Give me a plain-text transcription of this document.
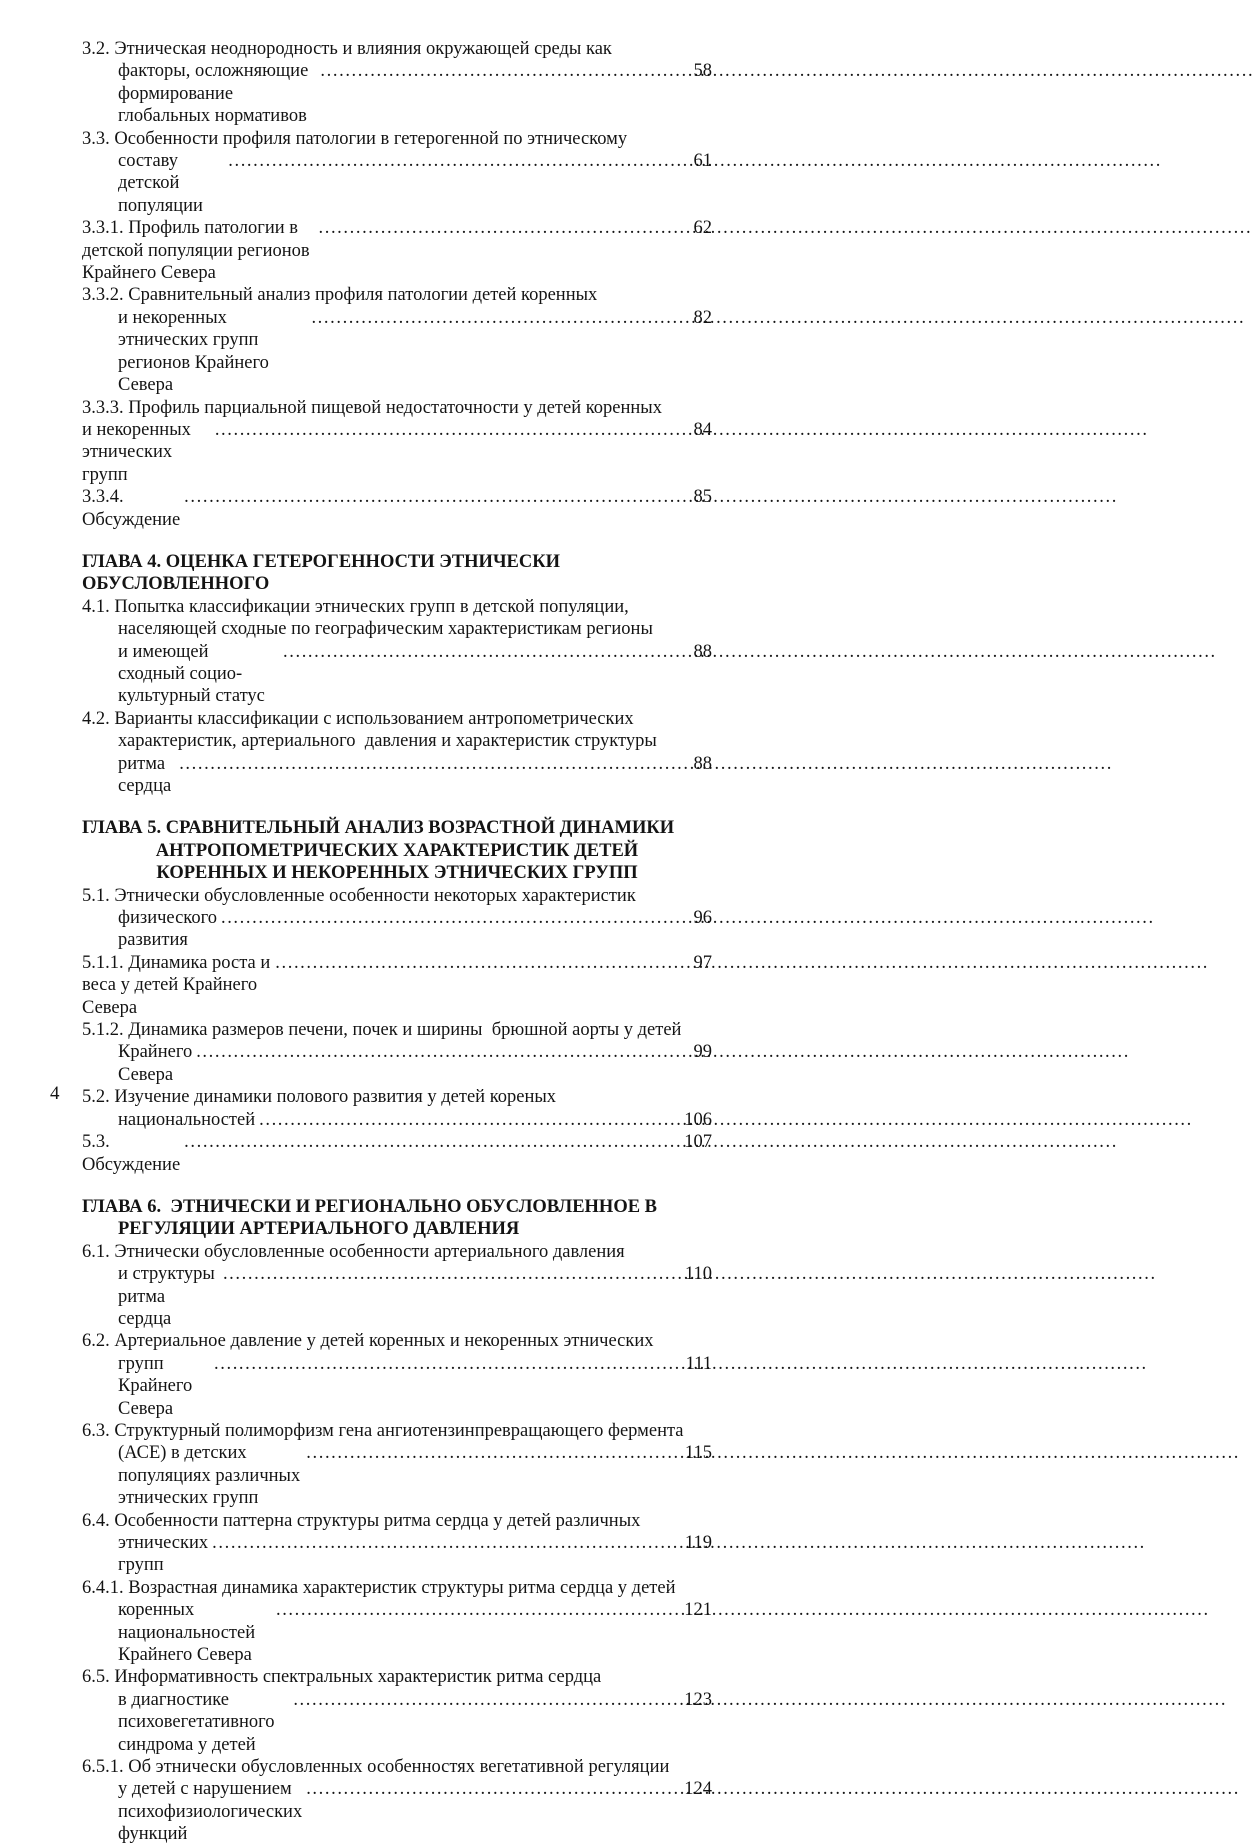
3.2. Этническая неоднородность и влияния окружающей среды как
факторы, осложняющие формирование глобальных нормативов
.....
58
3.3. Особенности профиля патологии в гетерогенной по этническому
составу детской популяции
.....
61
3.3.1. Профиль патологии в детской популяции регионов Крайнего Севера
.....
62
3.3.2. Сравнительный анализ профиля патологии детей коренных
и некоренных этнических групп регионов Крайнего Севера
.....
82
3.3.3. Профиль парциальной пищевой недостаточности у детей коренных
и некоренных этнических групп
.....
84
3.3.4. Обсуждение
.....
85
ГЛАВА 4. ОЦЕНКА ГЕТЕРОГЕННОСТИ ЭТНИЧЕСКИ ОБУСЛОВЛЕННОГО
4.1. Попытка классификации этнических групп в детской популяции,
населяющей сходные по географическим характеристикам регионы
и имеющей сходный социо- культурный статус
.....
88
4.2. Варианты классификации с использованием антропометрических
характеристик, артериального  давления и характеристик структуры
ритма сердца
.....
88
ГЛАВА 5. СРАВНИТЕЛЬНЫЙ АНАЛИЗ ВОЗРАСТНОЙ ДИНАМИКИ
АНТРОПОМЕТРИЧЕСКИХ ХАРАКТЕРИСТИК ДЕТЕЙ
КОРЕННЫХ И НЕКОРЕННЫХ ЭТНИЧЕСКИХ ГРУПП
5.1. Этнически обусловленные особенности некоторых характеристик
физического развития
.....
96
5.1.1. Динамика роста и веса у детей Крайнего Севера
.....
97
5.1.2. Динамика размеров печени, почек и ширины  брюшной аорты у детей
Крайнего Севера
.....
99
5.2. Изучение динамики полового развития у детей кореных
национальностей .....	106
5.3. Обсуждение
.....
107
ГЛАВА 6.  ЭТНИЧЕСКИ И РЕГИОНАЛЬНО ОБУСЛОВЛЕННОЕ В
РЕГУЛЯЦИИ АРТЕРИАЛЬНОГО ДАВЛЕНИЯ
6.1. Этнически обусловленные особенности артериального давления
и структуры ритма сердца
.....
110
6.2. Артериальное давление у детей коренных и некоренных этнических
групп Крайнего Севера
.....
111
6.3. Структурный полиморфизм гена ангиотензинпревращающего фермента
(АСЕ) в детских популяциях различных этнических групп
.....
115
6.4. Особенности паттерна структуры ритма сердца у детей различных
этнических групп
.....
119
6.4.1. Возрастная динамика характеристик структуры ритма сердца у детей
коренных национальностей Крайнего Севера
.....
121
6.5. Информативность спектральных характеристик ритма сердца
в диагностике психовегетативного синдрома у детей
.....
123
6.5.1. Об этнически обусловленных особенностях вегетативной регуляции
у детей с нарушением психофизиологических функций
.....
124
4
